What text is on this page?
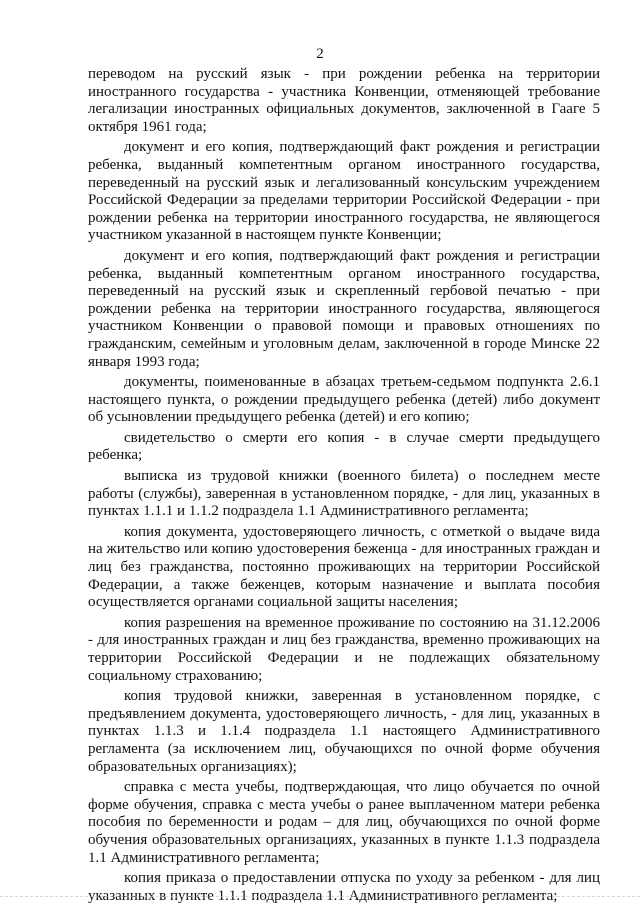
2

переводом на русский язык - при рождении ребенка на территории иностранного государства - участника Конвенции, отменяющей требование легализации иностранных официальных документов, заключенной в Гааге 5 октября 1961 года;

документ и его копия, подтверждающий факт рождения и регистрации ребенка, выданный компетентным органом иностранного государства, переведенный на русский язык и легализованный консульским учреждением Российской Федерации за пределами территории Российской Федерации - при рождении ребенка на территории иностранного государства, не являющегося участником указанной в настоящем пункте Конвенции;

документ и его копия, подтверждающий факт рождения и регистрации ребенка, выданный компетентным органом иностранного государства, переведенный на русский язык и скрепленный гербовой печатью - при рождении ребенка на территории иностранного государства, являющегося участником Конвенции о правовой помощи и правовых отношениях по гражданским, семейным и уголовным делам, заключенной в городе Минске 22 января 1993 года;

документы, поименованные в абзацах третьем-седьмом подпункта 2.6.1 настоящего пункта, о рождении предыдущего ребенка (детей) либо документ об усыновлении предыдущего ребенка (детей) и его копию;

свидетельство о смерти его копия - в случае смерти предыдущего ребенка;

выписка из трудовой книжки (военного билета) о последнем месте работы (службы), заверенная в установленном порядке, - для лиц, указанных в пунктах 1.1.1 и 1.1.2 подраздела 1.1 Административного регламента;

копия документа, удостоверяющего личность, с отметкой о выдаче вида на жительство или копию удостоверения беженца - для иностранных граждан и лиц без гражданства, постоянно проживающих на территории Российской Федерации, а также беженцев, которым назначение и выплата пособия осуществляется органами социальной защиты населения;

копия разрешения на временное проживание по состоянию на 31.12.2006 - для иностранных граждан и лиц без гражданства, временно проживающих на территории Российской Федерации и не подлежащих обязательному социальному страхованию;

копия трудовой книжки, заверенная в установленном порядке, с предъявлением документа, удостоверяющего личность, - для лиц, указанных в пунктах 1.1.3 и 1.1.4 подраздела 1.1 настоящего Административного регламента (за исключением лиц, обучающихся по очной форме обучения образовательных организациях);

справка с места учебы, подтверждающая, что лицо обучается по очной форме обучения, справка с места учебы о ранее выплаченном матери ребенка пособия по беременности и родам – для лиц, обучающихся по очной форме обучения образовательных организациях, указанных в пункте 1.1.3 подраздела 1.1 Административного регламента;

копия приказа о предоставлении отпуска по уходу за ребенком - для лиц указанных в пункте 1.1.1 подраздела 1.1 Административного регламента;
